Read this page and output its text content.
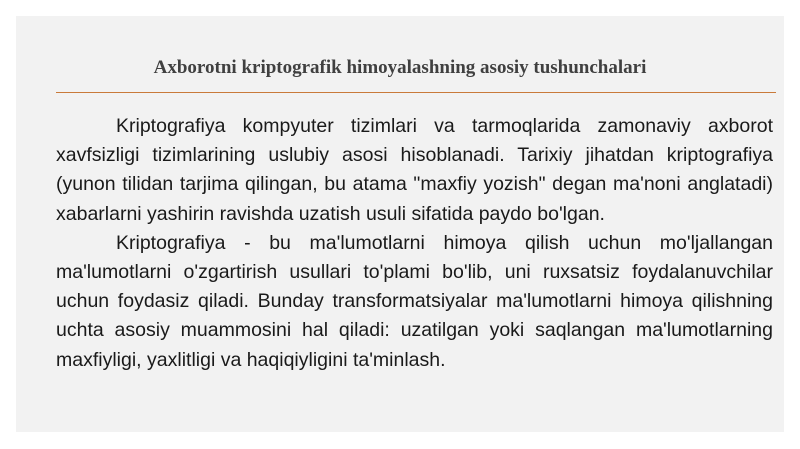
Axborotni kriptografik himoyalashning asosiy tushunchalari

Kriptografiya kompyuter tizimlari va tarmoqlarida zamonaviy axborot xavfsizligi tizimlarining uslubiy asosi hisoblanadi. Tarixiy jihatdan kriptografiya (yunon tilidan tarjima qilingan, bu atama "maxfiy yozish" degan ma'noni anglatadi) xabarlarni yashirin ravishda uzatish usuli sifatida paydo bo'lgan.

Kriptografiya - bu ma'lumotlarni himoya qilish uchun mo'ljallangan ma'lumotlarni o'zgartirish usullari to'plami bo'lib, uni ruxsatsiz foydalanuvchilar uchun foydasiz qiladi. Bunday transformatsiyalar ma'lumotlarni himoya qilishning uchta asosiy muammosini hal qiladi: uzatilgan yoki saqlangan ma'lumotlarning maxfiyligi, yaxlitligi va haqiqiyligini ta'minlash.
